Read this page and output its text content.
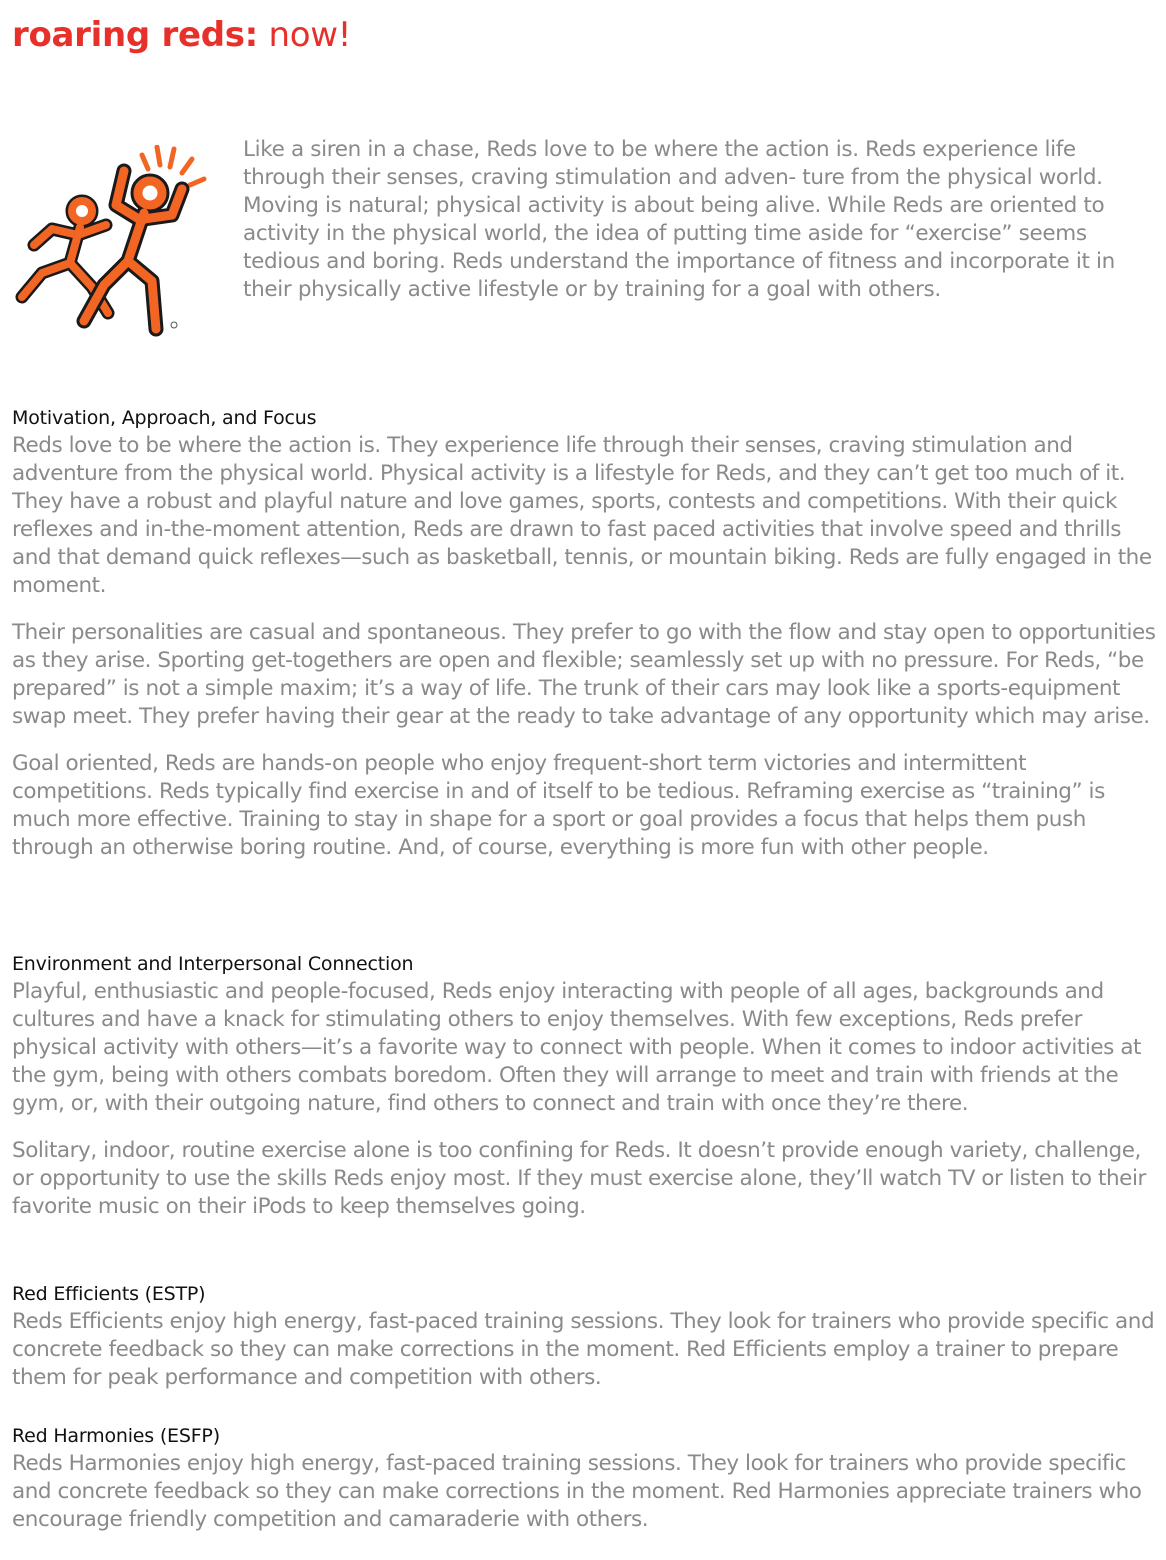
roaring reds: now!

Like a siren in a chase, Reds love to be where the action is. Reds experience life through their senses, craving stimulation and adven- ture from the physical world. Moving is natural; physical activity is about being alive. While Reds are oriented to activity in the physical world, the idea of putting time aside for “exercise” seems tedious and boring. Reds understand the importance of fitness and incorporate it in their physically active lifestyle or by training for a goal with others.

Motivation, Approach, and Focus

Reds love to be where the action is. They experience life through their senses, craving stimulation and adventure from the physical world. Physical activity is a lifestyle for Reds, and they can’t get too much of it. They have a robust and playful nature and love games, sports, contests and competitions. With their quick reflexes and in-the-moment attention, Reds are drawn to fast paced activities that involve speed and thrills and that demand quick reflexes—such as basketball, tennis, or mountain biking. Reds are fully engaged in the moment.

Their personalities are casual and spontaneous. They prefer to go with the flow and stay open to opportunities as they arise. Sporting get-togethers are open and flexible; seamlessly set up with no pressure. For Reds, “be prepared” is not a simple maxim; it’s a way of life. The trunk of their cars may look like a sports-equipment swap meet. They prefer having their gear at the ready to take advantage of any opportunity which may arise.

Goal oriented, Reds are hands-on people who enjoy frequent-short term victories and intermittent competitions. Reds typically find exercise in and of itself to be tedious. Reframing exercise as “training” is much more effective. Training to stay in shape for a sport or goal provides a focus that helps them push through an otherwise boring routine. And, of course, everything is more fun with other people.

Environment and Interpersonal Connection

Playful, enthusiastic and people-focused, Reds enjoy interacting with people of all ages, backgrounds and cultures and have a knack for stimulating others to enjoy themselves. With few exceptions, Reds prefer physical activity with others—it’s a favorite way to connect with people. When it comes to indoor activities at the gym, being with others combats boredom. Often they will arrange to meet and train with friends at the gym, or, with their outgoing nature, find others to connect and train with once they’re there.

Solitary, indoor, routine exercise alone is too confining for Reds. It doesn’t provide enough variety, challenge, or opportunity to use the skills Reds enjoy most. If they must exercise alone, they’ll watch TV or listen to their favorite music on their iPods to keep themselves going.

Red Efficients (ESTP)

Reds Efficients enjoy high energy, fast-paced training sessions. They look for trainers who provide specific and concrete feedback so they can make corrections in the moment. Red Efficients employ a trainer to prepare them for peak performance and competition with others.

Red Harmonies (ESFP)

Reds Harmonies enjoy high energy, fast-paced training sessions. They look for trainers who provide specific and concrete feedback so they can make corrections in the moment. Red Harmonies appreciate trainers who encourage friendly competition and camaraderie with others.
